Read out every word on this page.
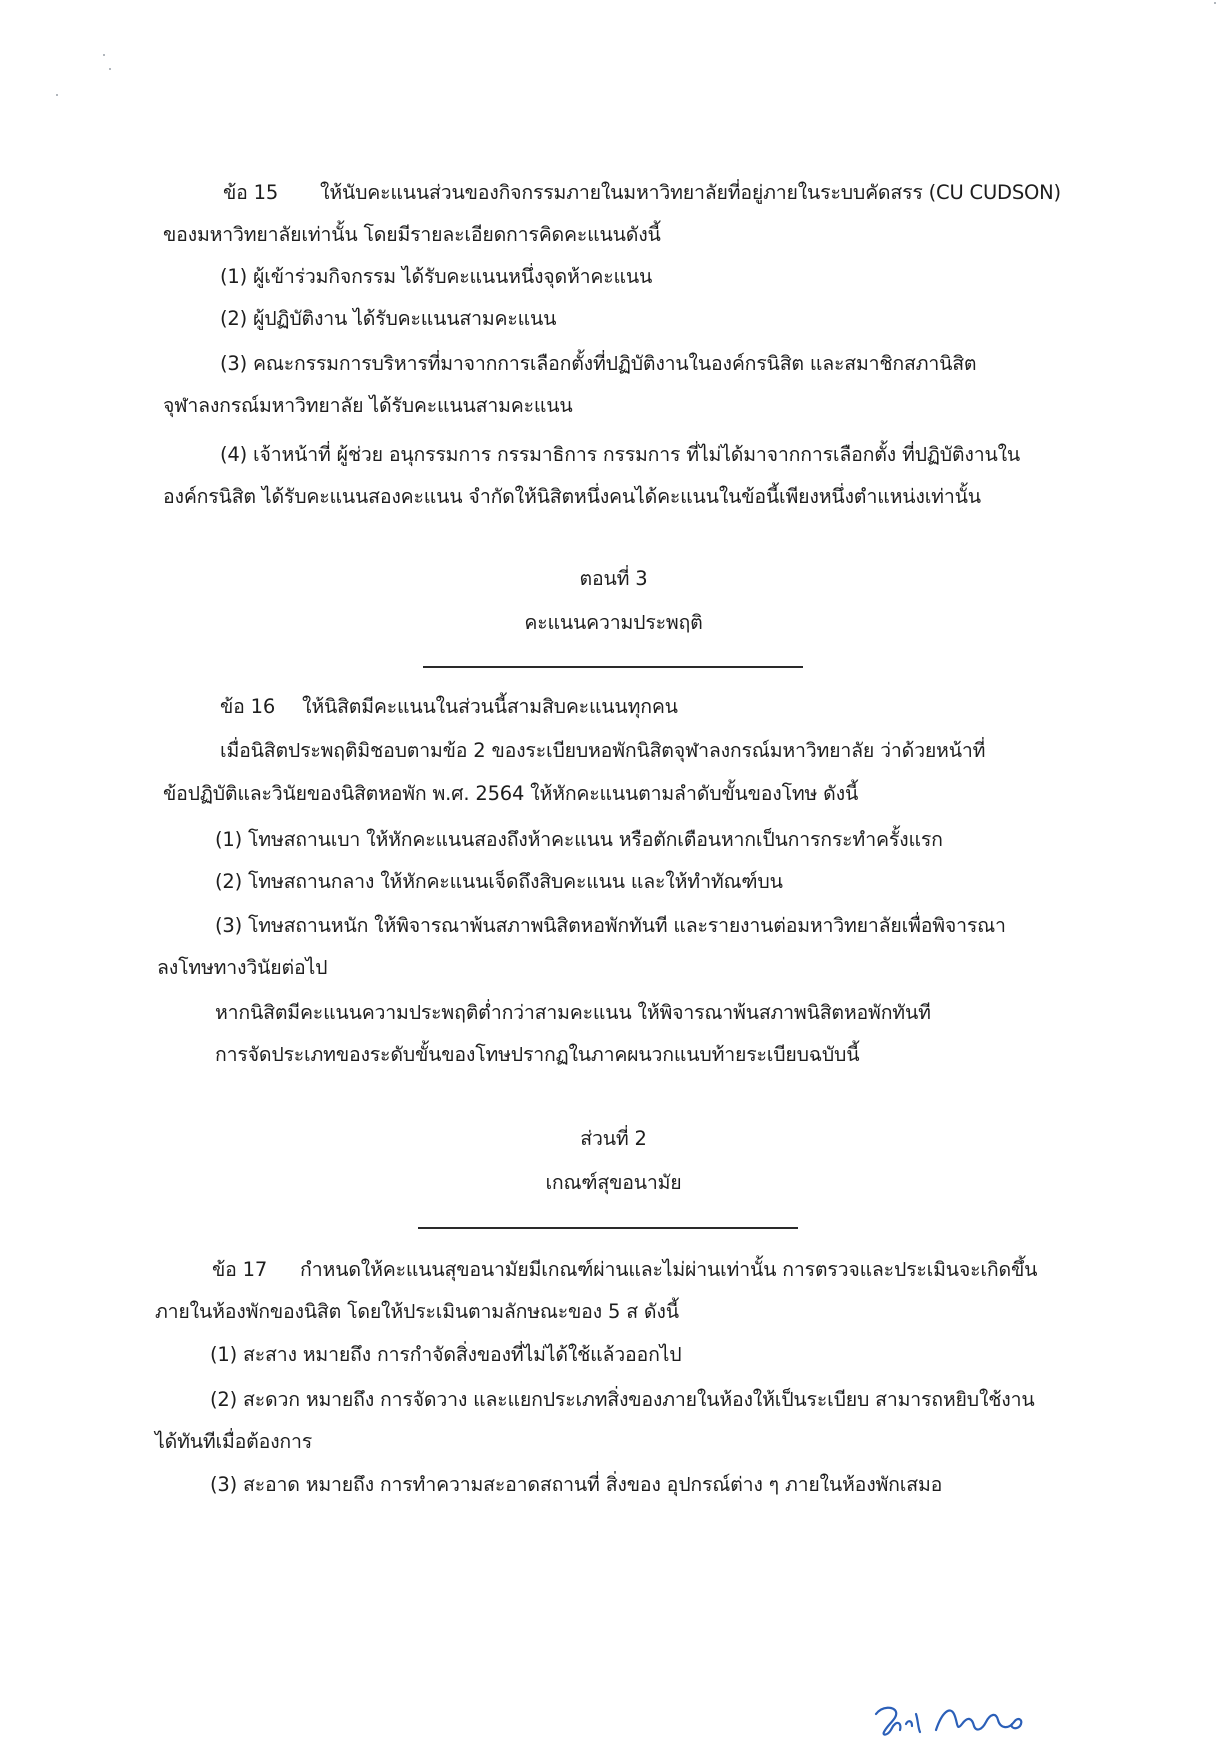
ข้อ 15 ให้นับคะแนนส่วนของกิจกรรมภายในมหาวิทยาลัยที่อยู่ภายในระบบคัดสรร (CU CUDSON)
ของมหาวิทยาลัยเท่านั้น โดยมีรายละเอียดการคิดคะแนนดังนี้
(1) ผู้เข้าร่วมกิจกรรม ได้รับคะแนนหนึ่งจุดห้าคะแนน
(2) ผู้ปฏิบัติงาน ได้รับคะแนนสามคะแนน
(3) คณะกรรมการบริหารที่มาจากการเลือกตั้งที่ปฏิบัติงานในองค์กรนิสิต และสมาชิกสภานิสิต
จุฬาลงกรณ์มหาวิทยาลัย ได้รับคะแนนสามคะแนน
(4) เจ้าหน้าที่ ผู้ช่วย อนุกรรมการ กรรมาธิการ กรรมการ ที่ไม่ได้มาจากการเลือกตั้ง ที่ปฏิบัติงานใน
องค์กรนิสิต ได้รับคะแนนสองคะแนน จำกัดให้นิสิตหนึ่งคนได้คะแนนในข้อนี้เพียงหนึ่งตำแหน่งเท่านั้น
ตอนที่ 3
คะแนนความประพฤติ
ข้อ 16 ให้นิสิตมีคะแนนในส่วนนี้สามสิบคะแนนทุกคน
เมื่อนิสิตประพฤติมิชอบตามข้อ 2 ของระเบียบหอพักนิสิตจุฬาลงกรณ์มหาวิทยาลัย ว่าด้วยหน้าที่
ข้อปฏิบัติและวินัยของนิสิตหอพัก พ.ศ. 2564 ให้หักคะแนนตามลำดับขั้นของโทษ ดังนี้
(1) โทษสถานเบา ให้หักคะแนนสองถึงห้าคะแนน หรือตักเตือนหากเป็นการกระทำครั้งแรก
(2) โทษสถานกลาง ให้หักคะแนนเจ็ดถึงสิบคะแนน และให้ทำทัณฑ์บน
(3) โทษสถานหนัก ให้พิจารณาพ้นสภาพนิสิตหอพักทันที และรายงานต่อมหาวิทยาลัยเพื่อพิจารณา
ลงโทษทางวินัยต่อไป
หากนิสิตมีคะแนนความประพฤติต่ำกว่าสามคะแนน ให้พิจารณาพ้นสภาพนิสิตหอพักทันที
การจัดประเภทของระดับขั้นของโทษปรากฏในภาคผนวกแนบท้ายระเบียบฉบับนี้
ส่วนที่ 2
เกณฑ์สุขอนามัย
ข้อ 17 กำหนดให้คะแนนสุขอนามัยมีเกณฑ์ผ่านและไม่ผ่านเท่านั้น การตรวจและประเมินจะเกิดขึ้น
ภายในห้องพักของนิสิต โดยให้ประเมินตามลักษณะของ 5 ส ดังนี้
(1) สะสาง หมายถึง การกำจัดสิ่งของที่ไม่ได้ใช้แล้วออกไป
(2) สะดวก หมายถึง การจัดวาง และแยกประเภทสิ่งของภายในห้องให้เป็นระเบียบ สามารถหยิบใช้งาน
ได้ทันทีเมื่อต้องการ
(3) สะอาด หมายถึง การทำความสะอาดสถานที่ สิ่งของ อุปกรณ์ต่าง ๆ ภายในห้องพักเสมอ
